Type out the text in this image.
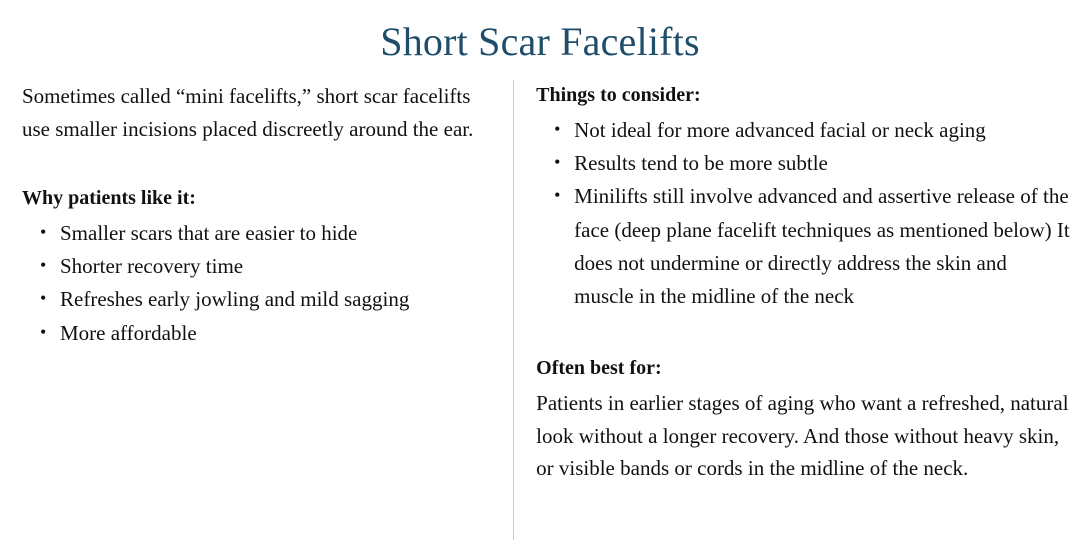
Short Scar Facelifts

Sometimes called “mini facelifts,” short scar facelifts use smaller incisions placed discreetly around the ear.

Why patients like it:
• Smaller scars that are easier to hide
• Shorter recovery time
• Refreshes early jowling and mild sagging
• More affordable
Things to consider:
• Not ideal for more advanced facial or neck aging
• Results tend to be more subtle
• Minilifts still involve advanced and assertive release of the face (deep plane facelift techniques as mentioned below) It does not undermine or directly address the skin and muscle in the midline of the neck
Often best for:

Patients in earlier stages of aging who want a refreshed, natural look without a longer recovery. And those without heavy skin, or visible bands or cords in the midline of the neck.
